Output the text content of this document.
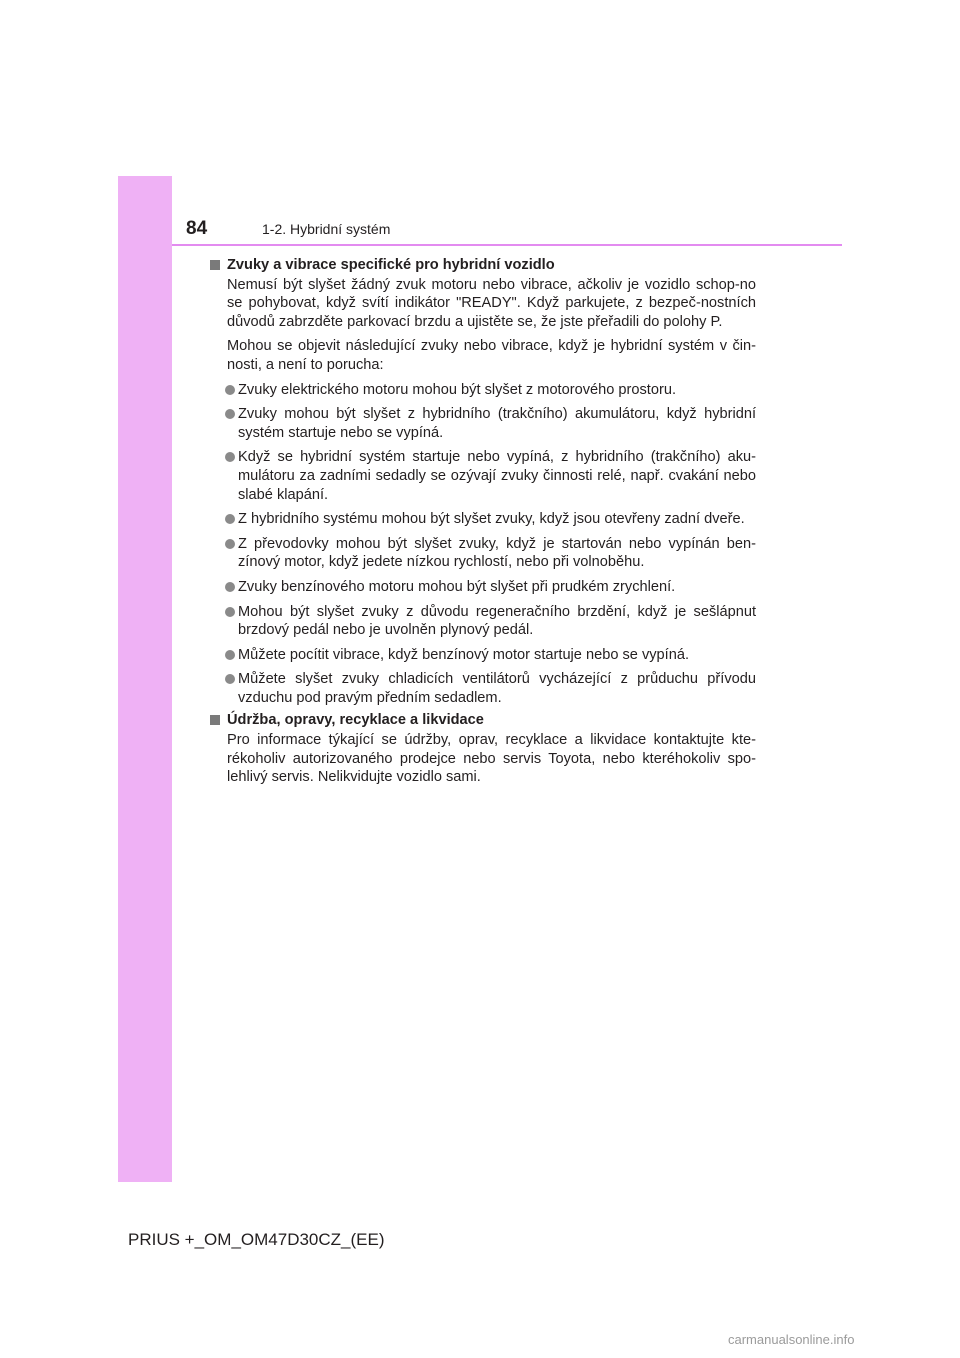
84	1-2. Hybridní systém
Zvuky a vibrace specifické pro hybridní vozidlo
Nemusí být slyšet žádný zvuk motoru nebo vibrace, ačkoliv je vozidlo schop-no se pohybovat, když svítí indikátor "READY". Když parkujete, z bezpeč-nostních důvodů zabrzděte parkovací brzdu a ujistěte se, že jste přeřadili do polohy P.
Mohou se objevit následující zvuky nebo vibrace, když je hybridní systém v čin-nosti, a není to porucha:
Zvuky elektrického motoru mohou být slyšet z motorového prostoru.
Zvuky mohou být slyšet z hybridního (trakčního) akumulátoru, když hybridní systém startuje nebo se vypíná.
Když se hybridní systém startuje nebo vypíná, z hybridního (trakčního) aku-mulátoru za zadními sedadly se ozývají zvuky činnosti relé, např. cvakání nebo slabé klapání.
Z hybridního systému mohou být slyšet zvuky, když jsou otevřeny zadní dveře.
Z převodovky mohou být slyšet zvuky, když je startován nebo vypínán ben-zínový motor, když jedete nízkou rychlostí, nebo při volnoběhu.
Zvuky benzínového motoru mohou být slyšet při prudkém zrychlení.
Mohou být slyšet zvuky z důvodu regeneračního brzdění, když je sešlápnut brzdový pedál nebo je uvolněn plynový pedál.
Můžete pocítit vibrace, když benzínový motor startuje nebo se vypíná.
Můžete slyšet zvuky chladicích ventilátorů vycházející z průduchu přívodu vzduchu pod pravým předním sedadlem.
Údržba, opravy, recyklace a likvidace
Pro informace týkající se údržby, oprav, recyklace a likvidace kontaktujte kte-rékoholiv autorizovaného prodejce nebo servis Toyota, nebo kteréhokoliv spo-lehlivý servis. Nelikvidujte vozidlo sami.
PRIUS +_OM_OM47D30CZ_(EE)
carmanualsonline.info
